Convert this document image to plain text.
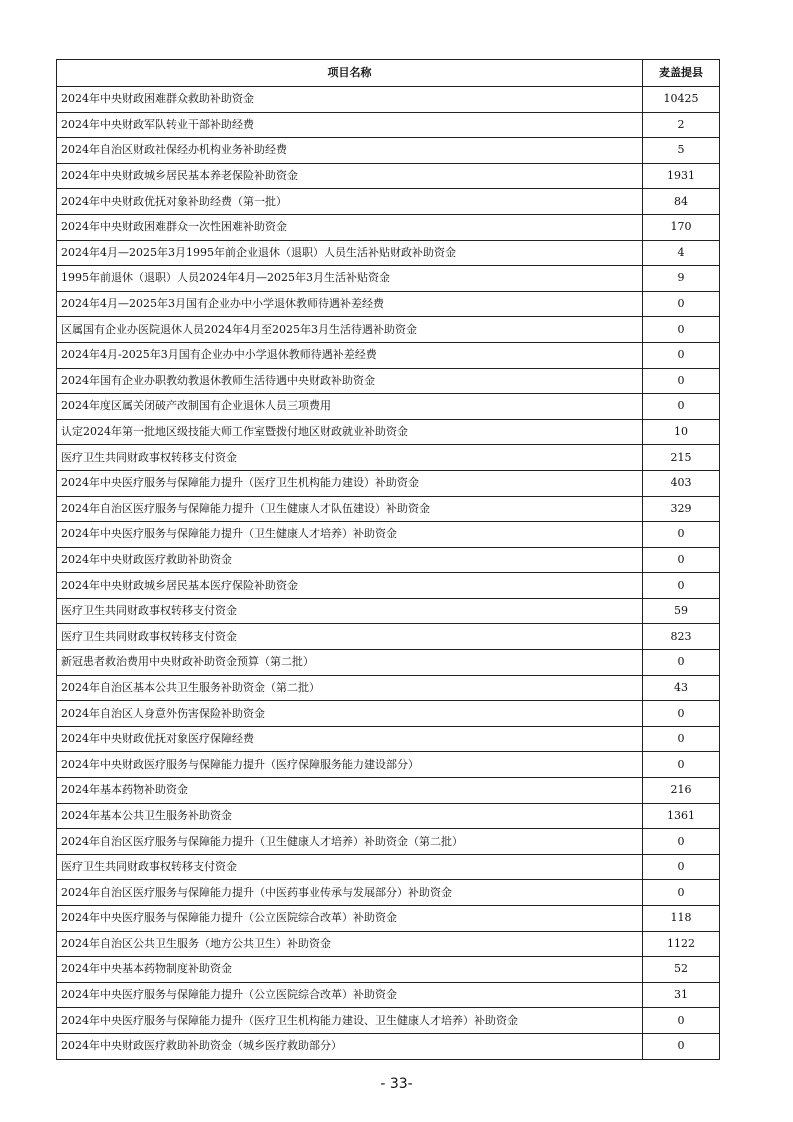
项目名称	麦盖提县
2024年中央财政困难群众救助补助资金	10425
2024年中央财政军队转业干部补助经费	2
2024年自治区财政社保经办机构业务补助经费	5
2024年中央财政城乡居民基本养老保险补助资金	1931
2024年中央财政优抚对象补助经费（第一批）	84
2024年中央财政困难群众一次性困难补助资金	170
2024年4月—2025年3月1995年前企业退休（退职）人员生活补贴财政补助资金	4
1995年前退休（退职）人员2024年4月—2025年3月生活补贴资金	9
2024年4月—2025年3月国有企业办中小学退休教师待遇补差经费	0
区属国有企业办医院退休人员2024年4月至2025年3月生活待遇补助资金	0
2024年4月-2025年3月国有企业办中小学退休教师待遇补差经费	0
2024年国有企业办职教幼教退休教师生活待遇中央财政补助资金	0
2024年度区属关闭破产改制国有企业退休人员三项费用	0
认定2024年第一批地区级技能大师工作室暨拨付地区财政就业补助资金	10
医疗卫生共同财政事权转移支付资金	215
2024年中央医疗服务与保障能力提升（医疗卫生机构能力建设）补助资金	403
2024年自治区医疗服务与保障能力提升（卫生健康人才队伍建设）补助资金	329
2024年中央医疗服务与保障能力提升（卫生健康人才培养）补助资金	0
2024年中央财政医疗救助补助资金	0
2024年中央财政城乡居民基本医疗保险补助资金	0
医疗卫生共同财政事权转移支付资金	59
医疗卫生共同财政事权转移支付资金	823
新冠患者救治费用中央财政补助资金预算（第二批）	0
2024年自治区基本公共卫生服务补助资金（第二批）	43
2024年自治区人身意外伤害保险补助资金	0
2024年中央财政优抚对象医疗保障经费	0
2024年中央财政医疗服务与保障能力提升（医疗保障服务能力建设部分）	0
2024年基本药物补助资金	216
2024年基本公共卫生服务补助资金	1361
2024年自治区医疗服务与保障能力提升（卫生健康人才培养）补助资金（第二批）	0
医疗卫生共同财政事权转移支付资金	0
2024年自治区医疗服务与保障能力提升（中医药事业传承与发展部分）补助资金	0
2024年中央医疗服务与保障能力提升（公立医院综合改革）补助资金	118
2024年自治区公共卫生服务（地方公共卫生）补助资金	1122
2024年中央基本药物制度补助资金	52
2024年中央医疗服务与保障能力提升（公立医院综合改革）补助资金	31
2024年中央医疗服务与保障能力提升（医疗卫生机构能力建设、卫生健康人才培养）补助资金	0
2024年中央财政医疗救助补助资金（城乡医疗救助部分）	0
- 33-
